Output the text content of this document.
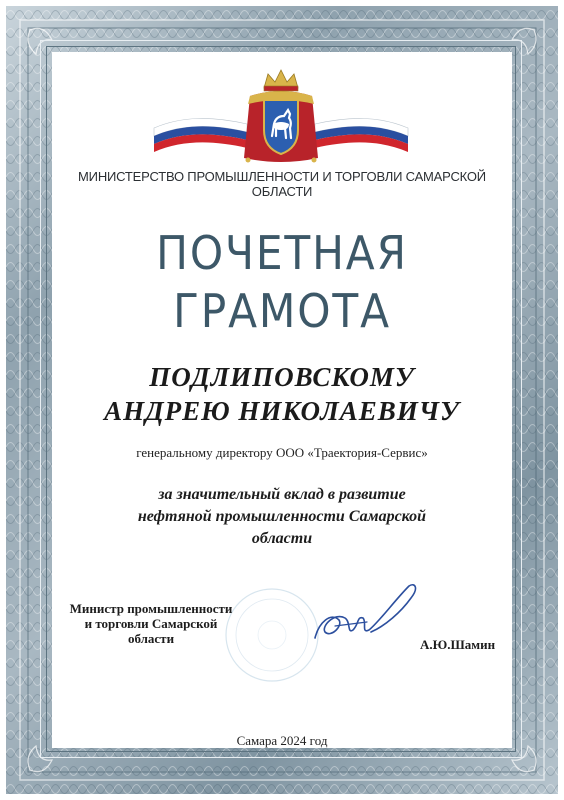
МИНИСТЕРСТВО ПРОМЫШЛЕННОСТИ И ТОРГОВЛИ САМАРСКОЙ ОБЛАСТИ
ПОЧЕТНАЯ
ГРАМОТА
ПОДЛИПОВСКОМУ
АНДРЕЮ НИКОЛАЕВИЧУ
генеральному директору ООО «Траектория-Сервис»
за значительный вклад в развитие нефтяной промышленности Самарской области
Министр промышленности и торговли Самарской области	А.Ю.Шамин
Самара 2024 год
